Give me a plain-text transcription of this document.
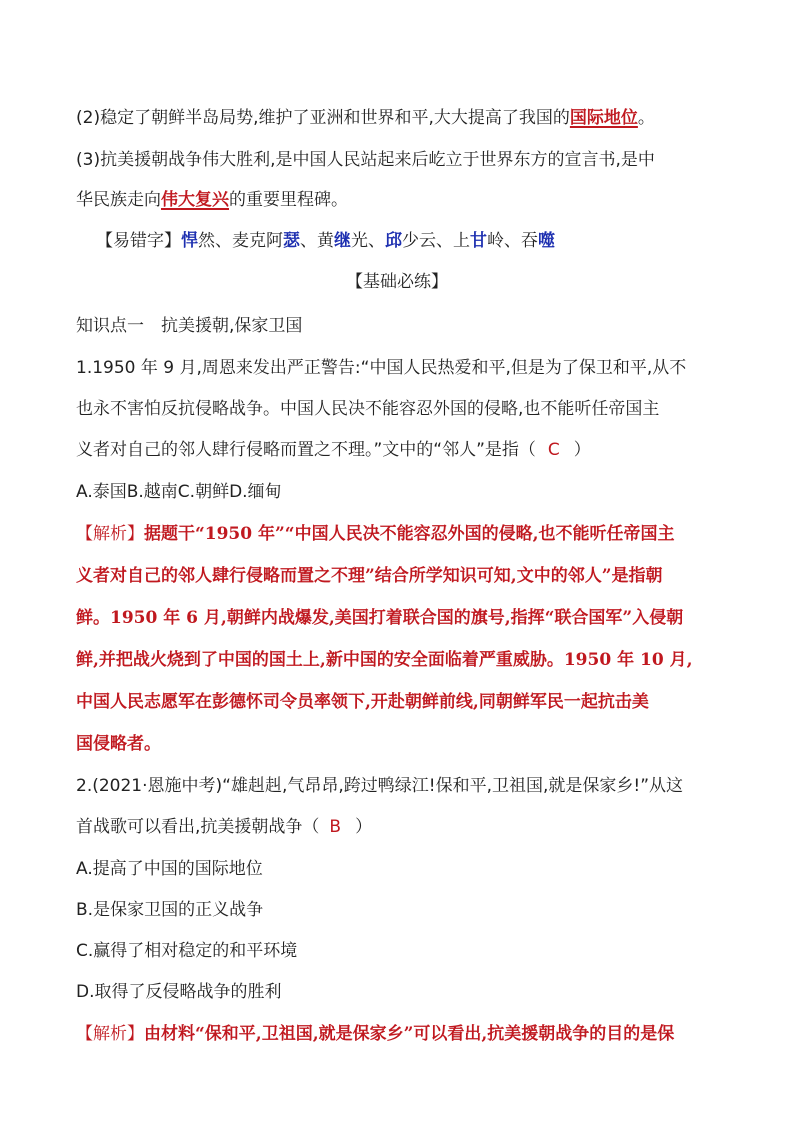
(2)稳定了朝鲜半岛局势,维护了亚洲和世界和平,大大提高了我国的国际地位。
(3)抗美援朝战争伟大胜利,是中国人民站起来后屹立于世界东方的宣言书,是中
华民族走向伟大复兴的重要里程碑。
【易错字】悍然、麦克阿瑟、黄继光、邱少云、上甘岭、吞噬
【基础必练】
知识点一　抗美援朝,保家卫国
1.1950 年 9 月,周恩来发出严正警告:“中国人民热爱和平,但是为了保卫和平,从不
也永不害怕反抗侵略战争。中国人民决不能容忍外国的侵略,也不能听任帝国主
义者对自己的邻人肆行侵略而置之不理。”文中的“邻人”是指（ C ）
A.泰国B.越南C.朝鲜D.缅甸
【解析】据题干“1950 年”“中国人民决不能容忍外国的侵略,也不能听任帝国主
义者对自己的邻人肆行侵略而置之不理”结合所学知识可知,文中的邻人”是指朝
鲜。1950 年 6 月,朝鲜内战爆发,美国打着联合国的旗号,指挥“联合国军”入侵朝
鲜,并把战火烧到了中国的国土上,新中国的安全面临着严重威胁。1950 年 10 月,
中国人民志愿军在彭德怀司令员率领下,开赴朝鲜前线,同朝鲜军民一起抗击美
国侵略者。
2.(2021·恩施中考)“雄赳赳,气昂昂,跨过鸭绿江!保和平,卫祖国,就是保家乡!”从这
首战歌可以看出,抗美援朝战争（ B ）
A.提高了中国的国际地位
B.是保家卫国的正义战争
C.赢得了相对稳定的和平环境
D.取得了反侵略战争的胜利
【解析】由材料“保和平,卫祖国,就是保家乡”可以看出,抗美援朝战争的目的是保
